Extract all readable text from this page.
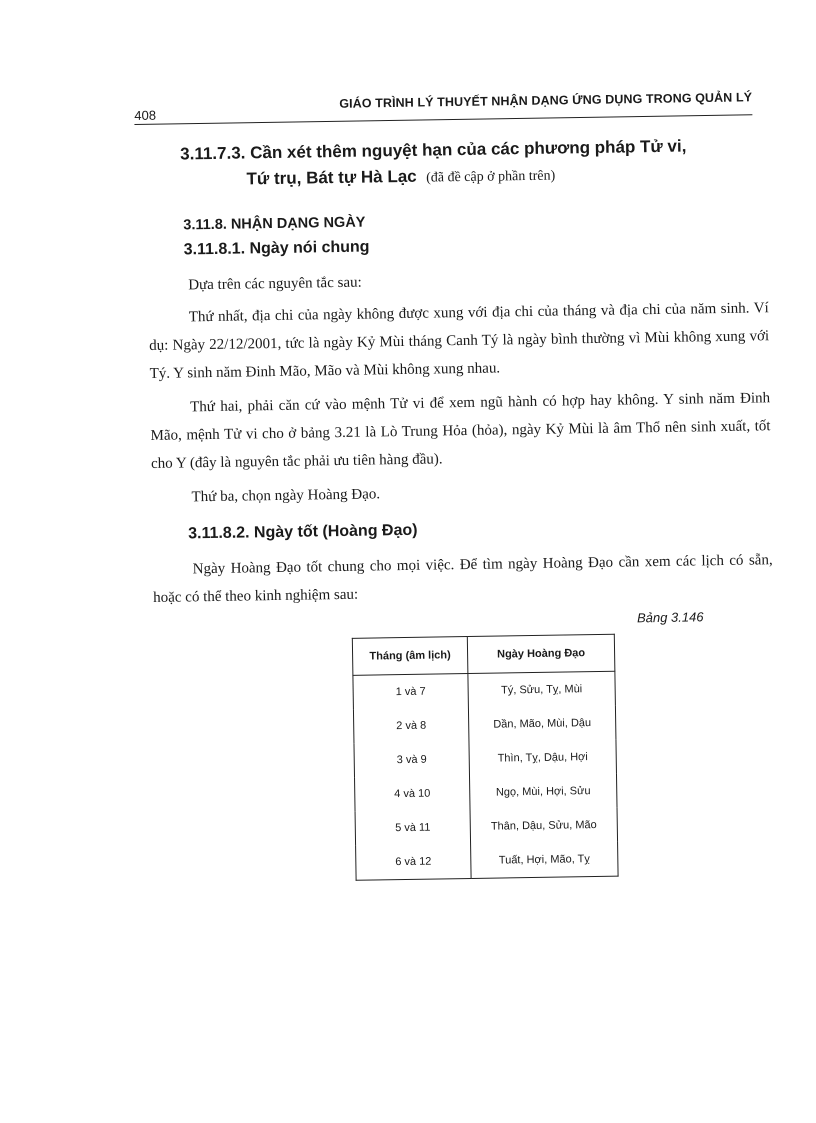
408
GIÁO TRÌNH LÝ THUYẾT NHẬN DẠNG ỨNG DỤNG TRONG QUẢN LÝ
3.11.7.3. Cần xét thêm nguyệt hạn của các phương pháp Tử vi,
Tứ trụ, Bát tự Hà Lạc (đã đề cập ở phần trên)
3.11.8. NHẬN DẠNG NGÀY
3.11.8.1. Ngày nói chung

Dựa trên các nguyên tắc sau:

Thứ nhất, địa chi của ngày không được xung với địa chi của tháng và địa chi của năm sinh. Ví dụ: Ngày 22/12/2001, tức là ngày Kỷ Mùi tháng Canh Tý là ngày bình thường vì Mùi không xung với Tý. Y sinh năm Đinh Mão, Mão và Mùi không xung nhau.

Thứ hai, phải căn cứ vào mệnh Tử vi để xem ngũ hành có hợp hay không. Y sinh năm Đinh Mão, mệnh Tử vi cho ở bảng 3.21 là Lò Trung Hỏa (hỏa), ngày Kỷ Mùi là âm Thổ nên sinh xuất, tốt cho Y (đây là nguyên tắc phải ưu tiên hàng đầu).

Thứ ba, chọn ngày Hoàng Đạo.

3.11.8.2. Ngày tốt (Hoàng Đạo)

Ngày Hoàng Đạo tốt chung cho mọi việc. Để tìm ngày Hoàng Đạo cần xem các lịch có sẵn, hoặc có thể theo kinh nghiệm sau:

Bảng 3.146
Tháng (âm lịch)	Ngày Hoàng Đạo
1 và 7	Tý, Sửu, Tỵ, Mùi
2 và 8	Dần, Mão, Mùi, Dậu
3 và 9	Thìn, Tỵ, Dậu, Hợi
4 và 10	Ngọ, Mùi, Hợi, Sửu
5 và 11	Thân, Dậu, Sửu, Mão
6 và 12	Tuất, Hợi, Mão, Tỵ
